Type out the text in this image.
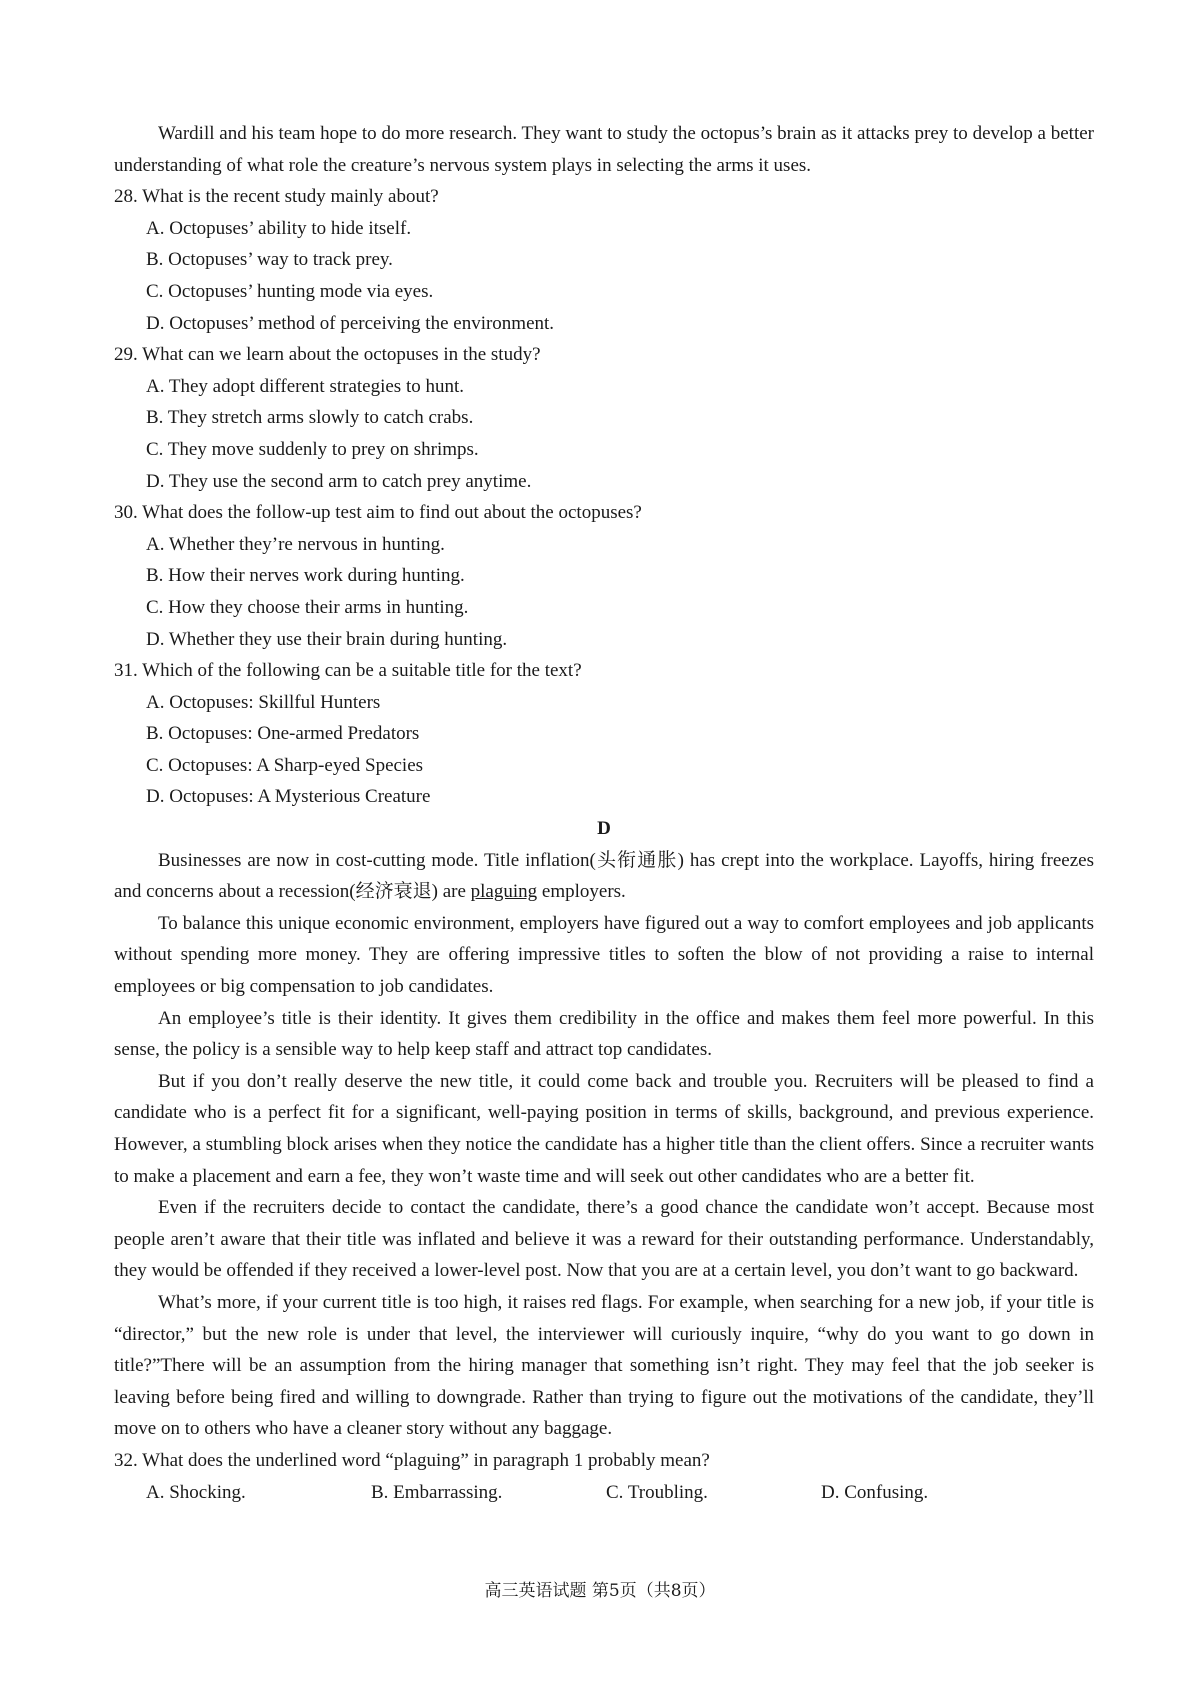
Wardill and his team hope to do more research. They want to study the octopus’s brain as it attacks prey to develop a better understanding of what role the creature’s nervous system plays in selecting the arms it uses.

28. What is the recent study mainly about?
A. Octopuses’ ability to hide itself.
B. Octopuses’ way to track prey.
C. Octopuses’ hunting mode via eyes.
D. Octopuses’ method of perceiving the environment.
29. What can we learn about the octopuses in the study?
A. They adopt different strategies to hunt.
B. They stretch arms slowly to catch crabs.
C. They move suddenly to prey on shrimps.
D. They use the second arm to catch prey anytime.
30. What does the follow-up test aim to find out about the octopuses?
A. Whether they’re nervous in hunting.
B. How their nerves work during hunting.
C. How they choose their arms in hunting.
D. Whether they use their brain during hunting.
31. Which of the following can be a suitable title for the text?
A. Octopuses: Skillful Hunters
B. Octopuses: One-armed Predators
C. Octopuses: A Sharp-eyed Species
D. Octopuses: A Mysterious Creature
D

Businesses are now in cost-cutting mode. Title inflation(头衔通胀) has crept into the workplace. Layoffs, hiring freezes and concerns about a recession(经济衰退) are plaguing employers.

To balance this unique economic environment, employers have figured out a way to comfort employees and job applicants without spending more money. They are offering impressive titles to soften the blow of not providing a raise to internal employees or big compensation to job candidates.

An employee’s title is their identity. It gives them credibility in the office and makes them feel more powerful. In this sense, the policy is a sensible way to help keep staff and attract top candidates.

But if you don’t really deserve the new title, it could come back and trouble you. Recruiters will be pleased to find a candidate who is a perfect fit for a significant, well-paying position in terms of skills, background, and previous experience. However, a stumbling block arises when they notice the candidate has a higher title than the client offers. Since a recruiter wants to make a placement and earn a fee, they won’t waste time and will seek out other candidates who are a better fit.

Even if the recruiters decide to contact the candidate, there’s a good chance the candidate won’t accept. Because most people aren’t aware that their title was inflated and believe it was a reward for their outstanding performance. Understandably, they would be offended if they received a lower-level post. Now that you are at a certain level, you don’t want to go backward.

What’s more, if your current title is too high, it raises red flags. For example, when searching for a new job, if your title is “director,” but the new role is under that level, the interviewer will curiously inquire, “why do you want to go down in title?”There will be an assumption from the hiring manager that something isn’t right. They may feel that the job seeker is leaving before being fired and willing to downgrade. Rather than trying to figure out the motivations of the candidate, they’ll move on to others who have a cleaner story without any baggage.

32. What does the underlined word “plaguing” in paragraph 1 probably mean?
A. Shocking.	B. Embarrassing.	C. Troubling.	D. Confusing.
高三英语试题 第5页（共8页）
